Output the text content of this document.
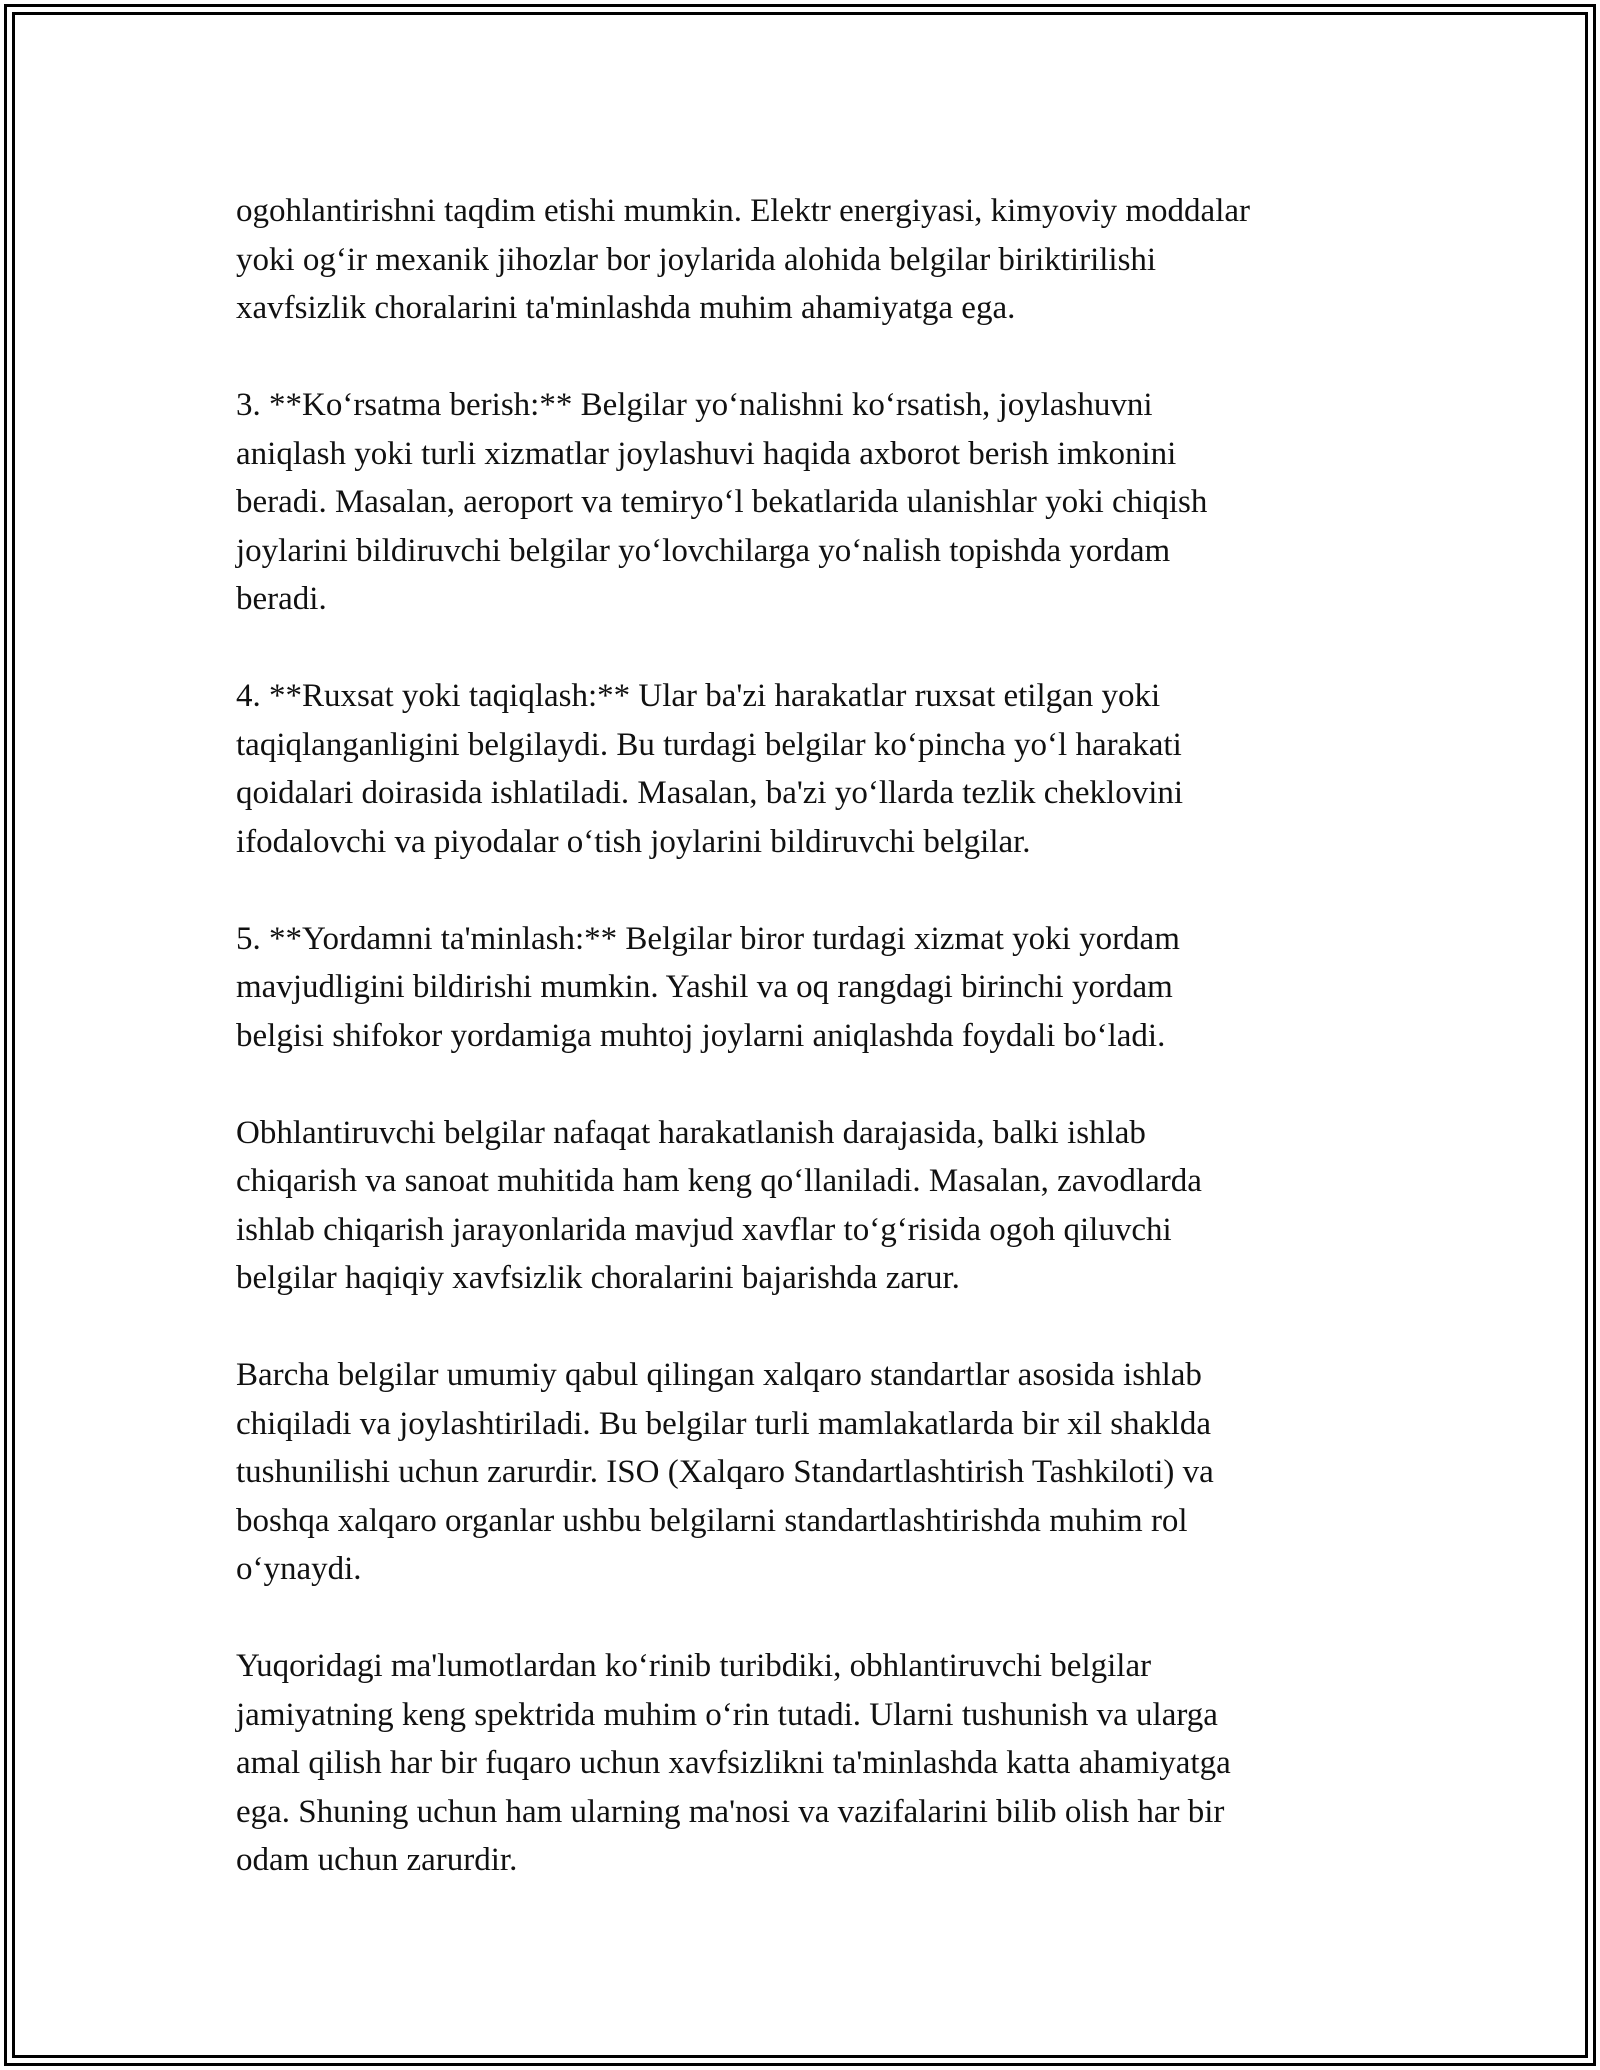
ogohlantirishni taqdim etishi mumkin. Elektr energiyasi, kimyoviy moddalar
yoki og‘ir mexanik jihozlar bor joylarida alohida belgilar biriktirilishi
xavfsizlik choralarini ta'minlashda muhim ahamiyatga ega.

3. **Ko‘rsatma berish:** Belgilar yo‘nalishni ko‘rsatish, joylashuvni
aniqlash yoki turli xizmatlar joylashuvi haqida axborot berish imkonini
beradi. Masalan, aeroport va temiryo‘l bekatlarida ulanishlar yoki chiqish
joylarini bildiruvchi belgilar yo‘lovchilarga yo‘nalish topishda yordam
beradi.

4. **Ruxsat yoki taqiqlash:** Ular ba'zi harakatlar ruxsat etilgan yoki
taqiqlanganligini belgilaydi. Bu turdagi belgilar ko‘pincha yo‘l harakati
qoidalari doirasida ishlatiladi. Masalan, ba'zi yo‘llarda tezlik cheklovini
ifodalovchi va piyodalar o‘tish joylarini bildiruvchi belgilar.

5. **Yordamni ta'minlash:** Belgilar biror turdagi xizmat yoki yordam
mavjudligini bildirishi mumkin. Yashil va oq rangdagi birinchi yordam
belgisi shifokor yordamiga muhtoj joylarni aniqlashda foydali bo‘ladi.

Obhlantiruvchi belgilar nafaqat harakatlanish darajasida, balki ishlab
chiqarish va sanoat muhitida ham keng qo‘llaniladi. Masalan, zavodlarda
ishlab chiqarish jarayonlarida mavjud xavflar to‘g‘risida ogoh qiluvchi
belgilar haqiqiy xavfsizlik choralarini bajarishda zarur.

Barcha belgilar umumiy qabul qilingan xalqaro standartlar asosida ishlab
chiqiladi va joylashtiriladi. Bu belgilar turli mamlakatlarda bir xil shaklda
tushunilishi uchun zarurdir. ISO (Xalqaro Standartlashtirish Tashkiloti) va
boshqa xalqaro organlar ushbu belgilarni standartlashtirishda muhim rol
o‘ynaydi.

Yuqoridagi ma'lumotlardan ko‘rinib turibdiki, obhlantiruvchi belgilar
jamiyatning keng spektrida muhim o‘rin tutadi. Ularni tushunish va ularga
amal qilish har bir fuqaro uchun xavfsizlikni ta'minlashda katta ahamiyatga
ega. Shuning uchun ham ularning ma'nosi va vazifalarini bilib olish har bir
odam uchun zarurdir.
